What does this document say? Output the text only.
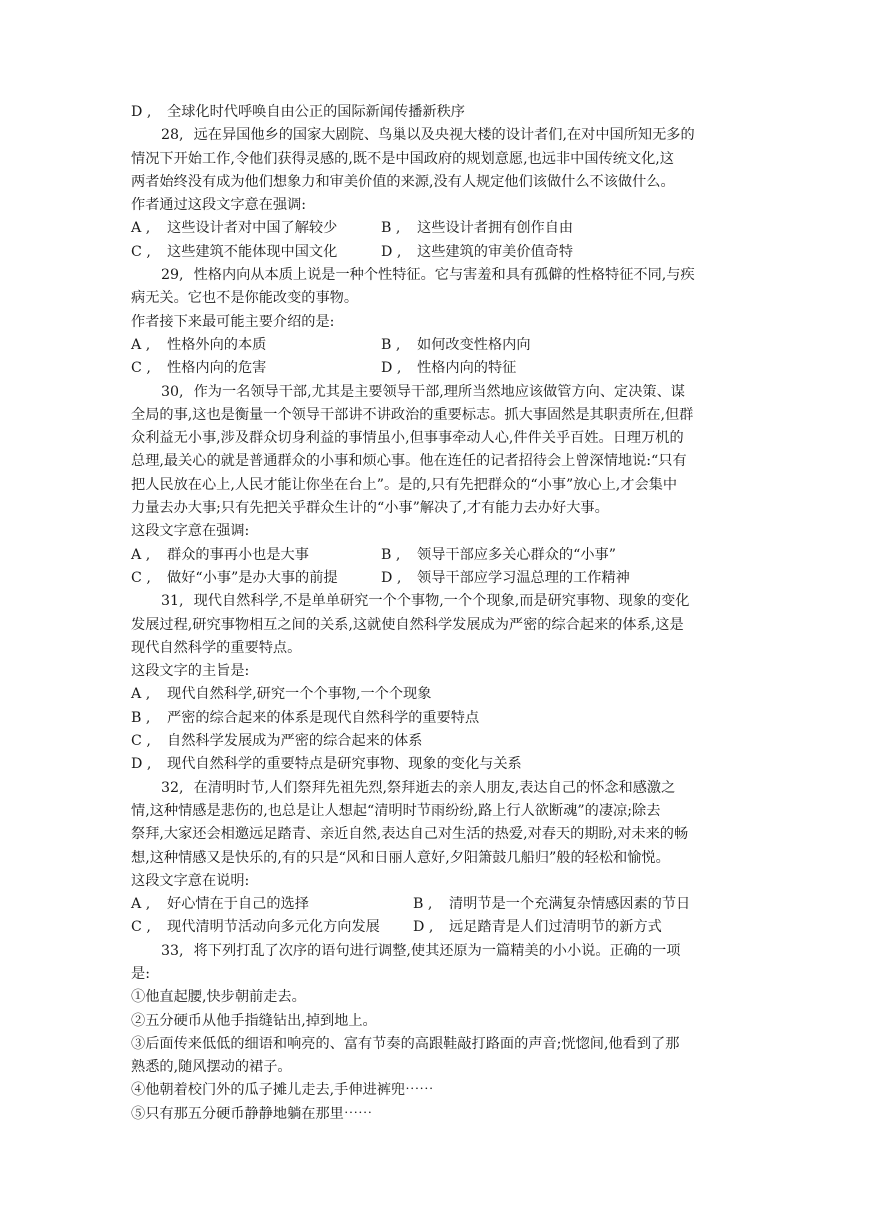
D ,	全球化时代呼唤自由公正的国际新闻传播新秩序
28, 远在异国他乡的国家大剧院、鸟巢以及央视大楼的设计者们,在对中国所知无多的
情况下开始工作,令他们获得灵感的,既不是中国政府的规划意愿,也远非中国传统文化,这
两者始终没有成为他们想象力和审美价值的来源,没有人规定他们该做什么不该做什么。
作者通过这段文字意在强调:
A ,	这些设计者对中国了解较少	B ,	这些设计者拥有创作自由
C ,	这些建筑不能体现中国文化	D ,	这些建筑的审美价值奇特
29, 性格内向从本质上说是一种个性特征。它与害羞和具有孤僻的性格特征不同,与疾
病无关。它也不是你能改变的事物。
作者接下来最可能主要介绍的是:
A ,	性格外向的本质	B ,	如何改变性格内向
C ,	性格内向的危害	D ,	性格内向的特征
30, 作为一名领导干部,尤其是主要领导干部,理所当然地应该做管方向、定决策、谋
全局的事,这也是衡量一个领导干部讲不讲政治的重要标志。抓大事固然是其职责所在,但群
众利益无小事,涉及群众切身利益的事情虽小,但事事牵动人心,件件关乎百姓。日理万机的
总理,最关心的就是普通群众的小事和烦心事。他在连任的记者招待会上曾深情地说:“只有
把人民放在心上,人民才能让你坐在台上”。是的,只有先把群众的“小事”放心上,才会集中
力量去办大事;只有先把关乎群众生计的“小事”解决了,才有能力去办好大事。
这段文字意在强调:
A ,	群众的事再小也是大事	B ,	领导干部应多关心群众的“小事”
C ,	做好“小事”是办大事的前提	D ,	领导干部应学习温总理的工作精神
31, 现代自然科学,不是单单研究一个个事物,一个个现象,而是研究事物、现象的变化
发展过程,研究事物相互之间的关系,这就使自然科学发展成为严密的综合起来的体系,这是
现代自然科学的重要特点。
这段文字的主旨是:
A ,	现代自然科学,研究一个个事物,一个个现象
B ,	严密的综合起来的体系是现代自然科学的重要特点
C ,	自然科学发展成为严密的综合起来的体系
D ,	现代自然科学的重要特点是研究事物、现象的变化与关系
32, 在清明时节,人们祭拜先祖先烈,祭拜逝去的亲人朋友,表达自己的怀念和感激之
情,这种情感是悲伤的,也总是让人想起“清明时节雨纷纷,路上行人欲断魂”的凄凉;除去
祭拜,大家还会相邀远足踏青、亲近自然,表达自己对生活的热爱,对春天的期盼,对未来的畅
想,这种情感又是快乐的,有的只是“风和日丽人意好,夕阳箫鼓几船归”般的轻松和愉悦。
这段文字意在说明:
A ,	好心情在于自己的选择	B ,	清明节是一个充满复杂情感因素的节日
C ,	现代清明节活动向多元化方向发展 D ,	远足踏青是人们过清明节的新方式
33, 将下列打乱了次序的语句进行调整,使其还原为一篇精美的小小说。正确的一项
是:
①他直起腰,快步朝前走去。
②五分硬币从他手指缝钻出,掉到地上。
③后面传来低低的细语和响亮的、富有节奏的高跟鞋敲打路面的声音;恍惚间,他看到了那
熟悉的,随风摆动的裙子。
④他朝着校门外的瓜子摊儿走去,手伸进裤兜⋯⋯
⑤只有那五分硬币静静地躺在那里⋯⋯
